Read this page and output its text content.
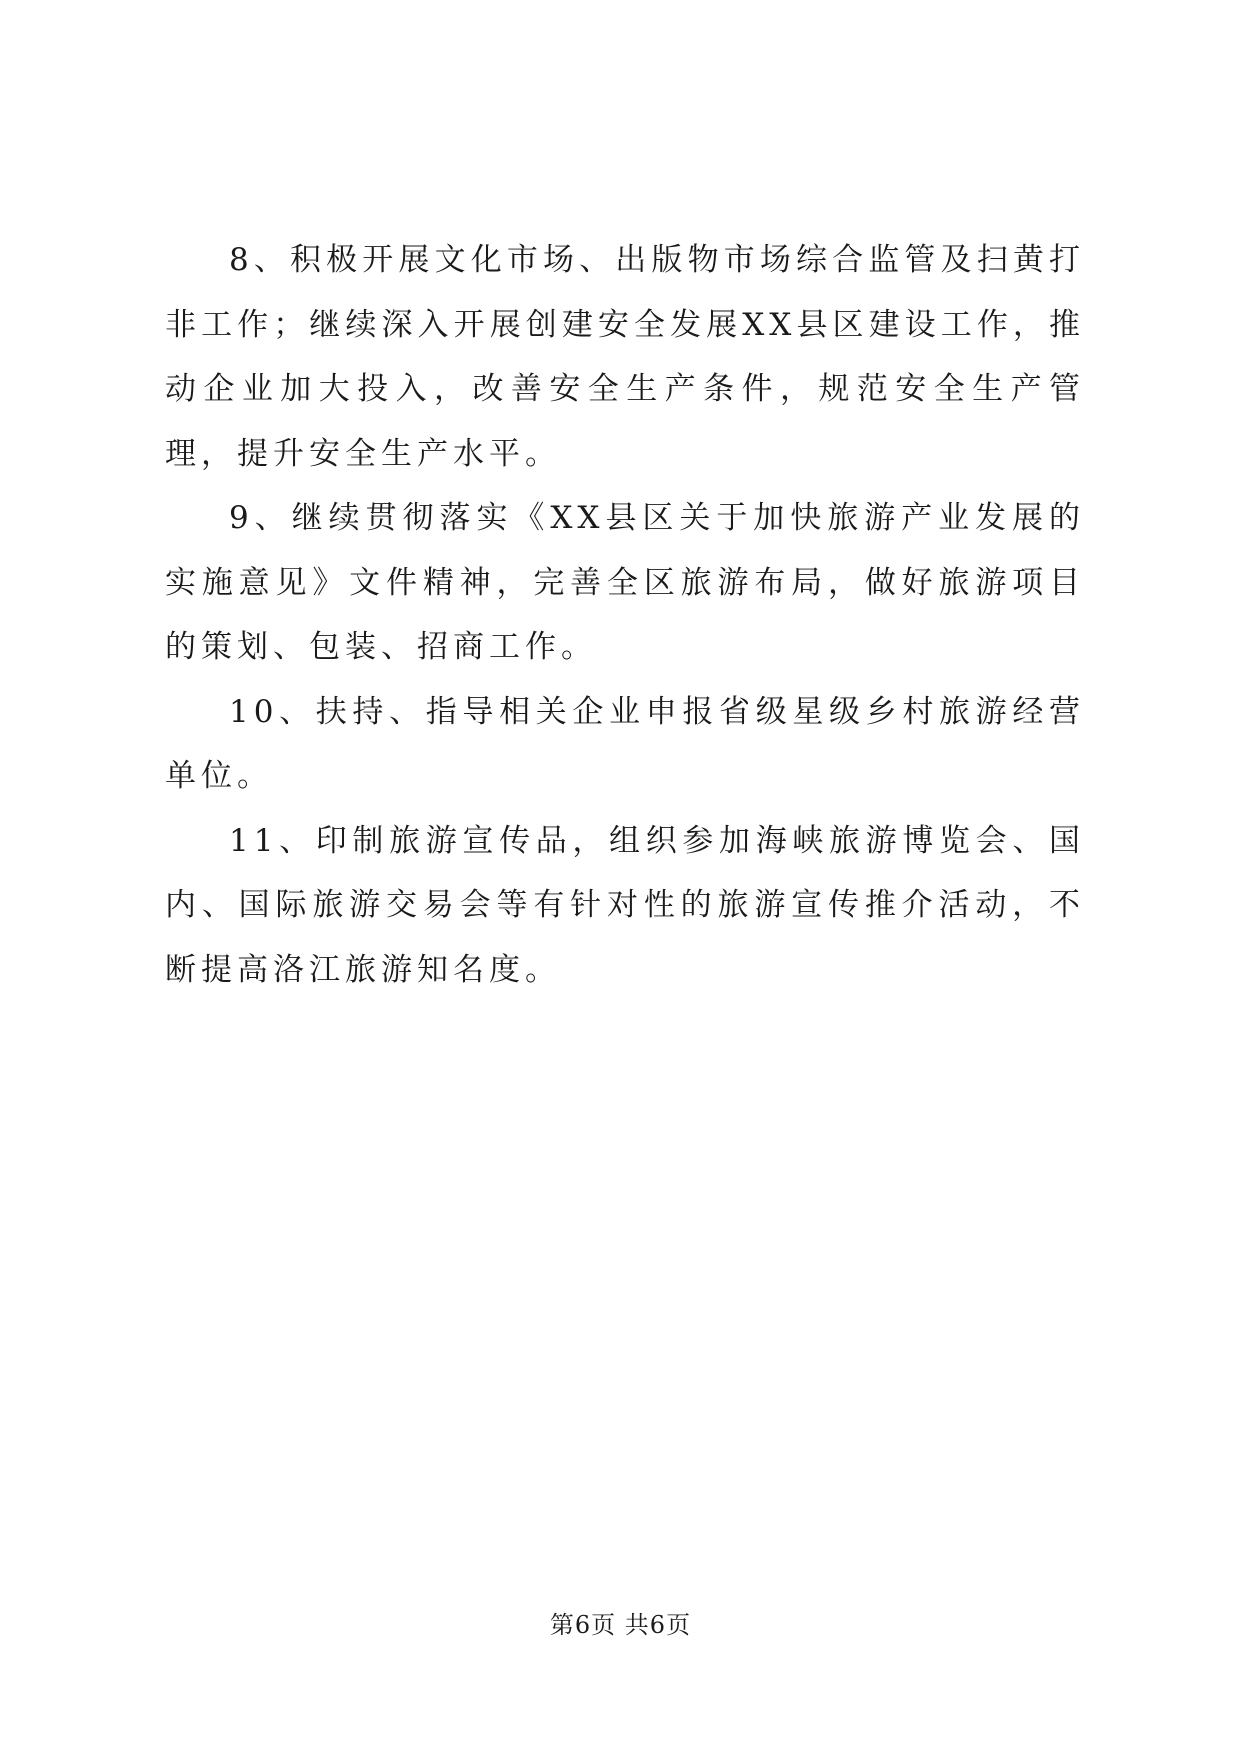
8、积极开展文化市场、出版物市场综合监管及扫黄打非工作；继续深入开展创建安全发展XX县区建设工作，推动企业加大投入，改善安全生产条件，规范安全生产管理，提升安全生产水平。

9、继续贯彻落实《XX县区关于加快旅游产业发展的实施意见》文件精神，完善全区旅游布局，做好旅游项目的策划、包装、招商工作。

10、扶持、指导相关企业申报省级星级乡村旅游经营单位。

11、印制旅游宣传品，组织参加海峡旅游博览会、国内、国际旅游交易会等有针对性的旅游宣传推介活动，不断提高洛江旅游知名度。

第6页 共6页
